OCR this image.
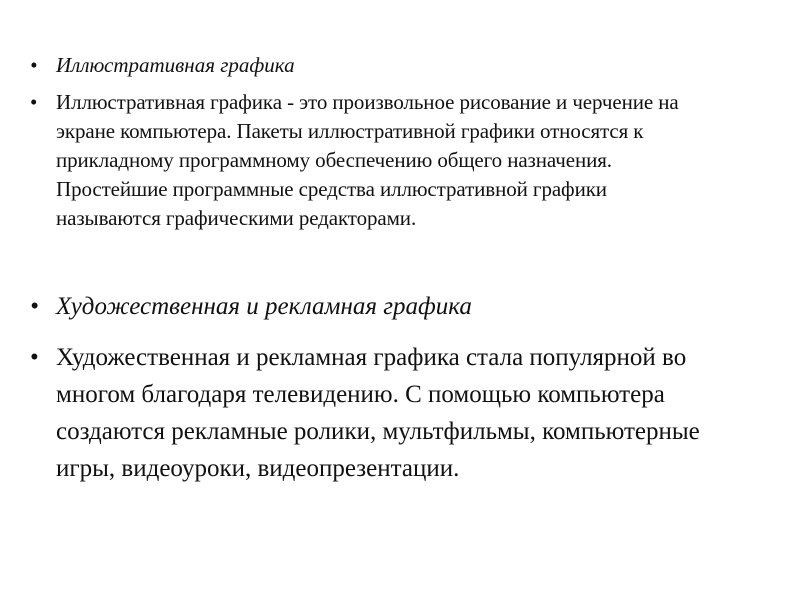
• Иллюстративная графика
• Иллюстративная графика - это произвольное рисование и черчение на экране компьютера. Пакеты иллюстративной графики относятся к прикладному программному обеспечению общего назначения. Простейшие программные средства иллюстративной графики называются графическими редакторами.
• Художественная и рекламная графика
• Художественная и рекламная графика стала популярной во многом благодаря телевидению. С помощью компьютера создаются рекламные ролики, мультфильмы, компьютерные игры, видеоуроки, видеопрезентации.
